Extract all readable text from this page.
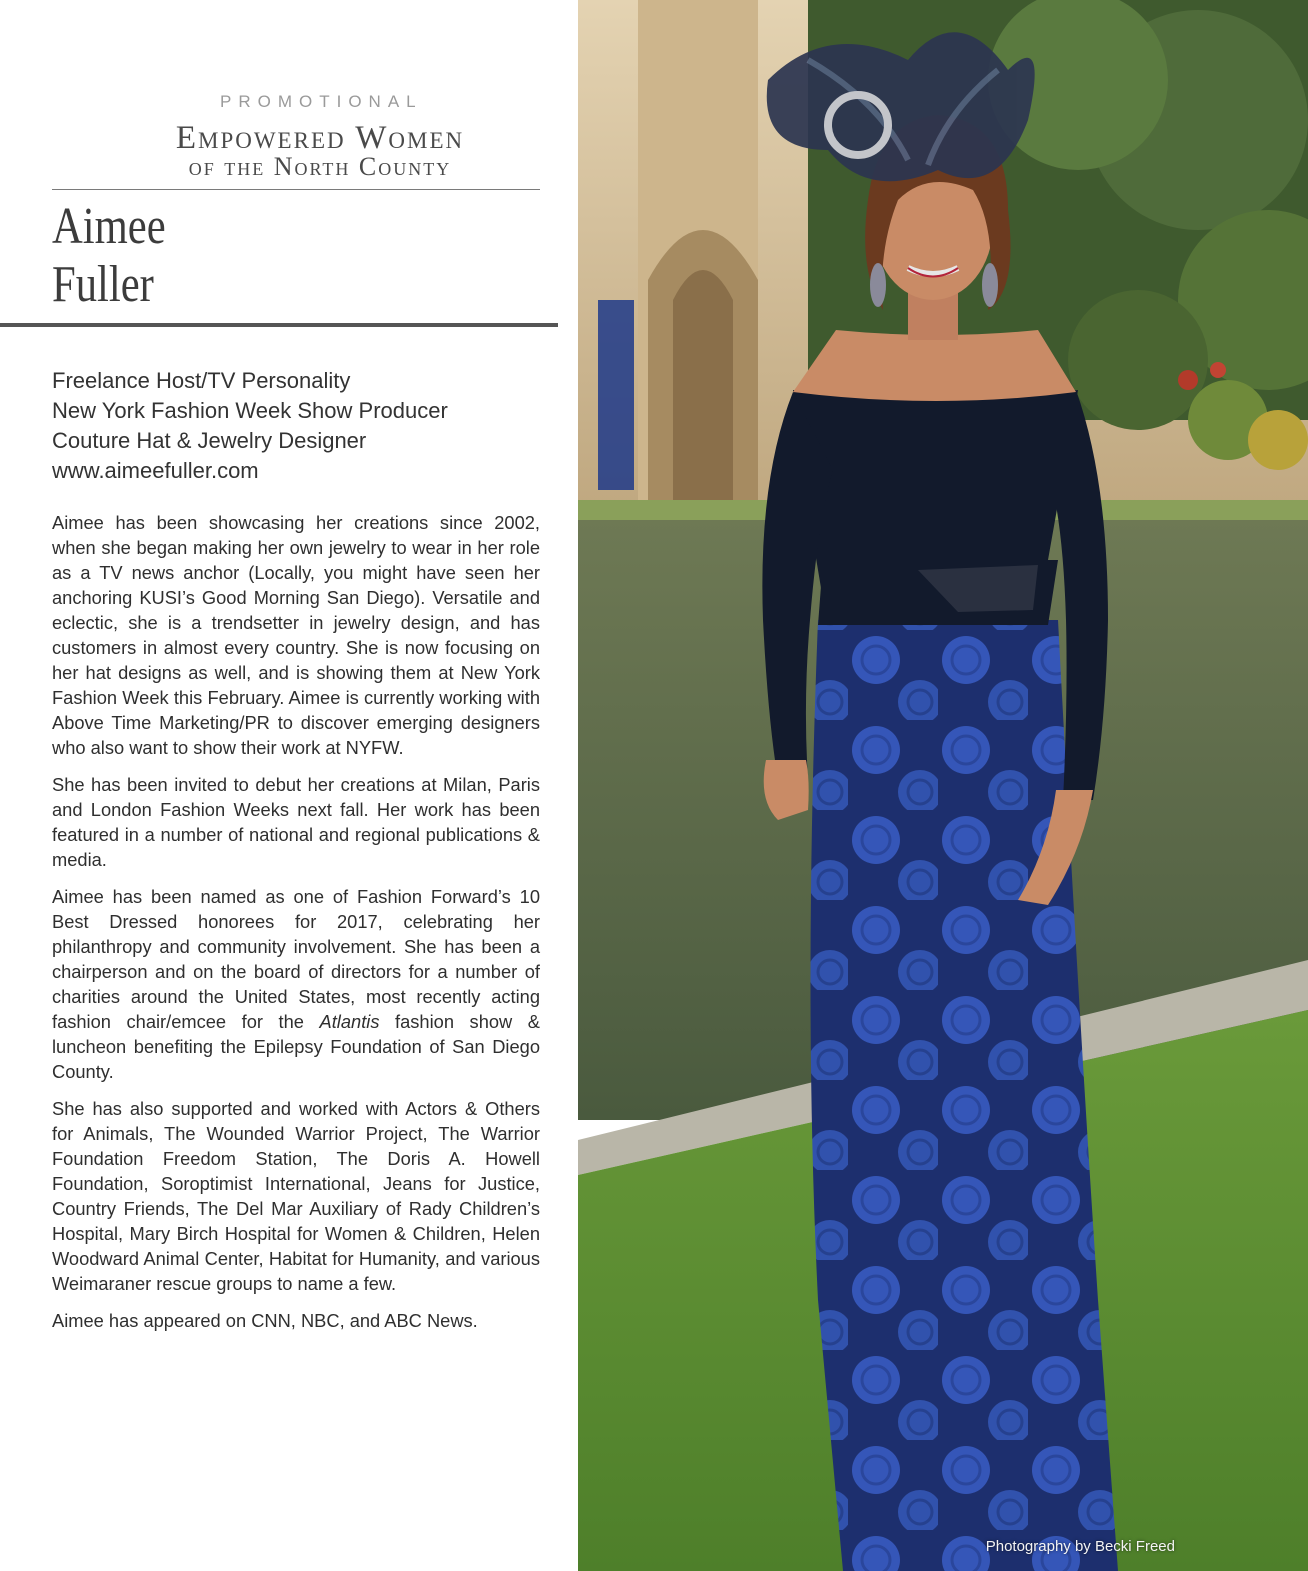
PROMOTIONAL
Empowered Women
of the North County
Aimee
Fuller
Freelance Host/TV Personality
New York Fashion Week Show Producer
Couture Hat & Jewelry Designer
www.aimeefuller.com

Aimee has been showcasing her creations since 2002, when she began making her own jewelry to wear in her role as a TV news anchor (Locally, you might have seen her anchoring KUSI’s Good Morning San Diego). Versatile and eclectic, she is a trendsetter in jewelry design, and has customers in almost every country. She is now focusing on her hat designs as well, and is showing them at New York Fashion Week this February. Aimee is currently working with Above Time Marketing/PR to discover emerging designers who also want to show their work at NYFW.

She has been invited to debut her creations at Milan, Paris and London Fashion Weeks next fall. Her work has been featured in a number of national and regional publications & media.

Aimee has been named as one of Fashion Forward’s 10 Best Dressed honorees for 2017, celebrating her philanthropy and community involvement. She has been a chairperson and on the board of directors for a number of charities around the United States, most recently acting fashion chair/emcee for the Atlantis fashion show & luncheon benefiting the Epilepsy Foundation of San Diego County.

She has also supported and worked with Actors & Others for Animals, The Wounded Warrior Project, The Warrior Foundation Freedom Station, The Doris A. Howell Foundation, Soroptimist International, Jeans for Justice, Country Friends, The Del Mar Auxiliary of Rady Children’s Hospital, Mary Birch Hospital for Women & Children, Helen Woodward Animal Center, Habitat for Humanity, and various Weimaraner rescue groups to name a few.

Aimee has appeared on CNN, NBC, and ABC News.

Photography by Becki Freed
